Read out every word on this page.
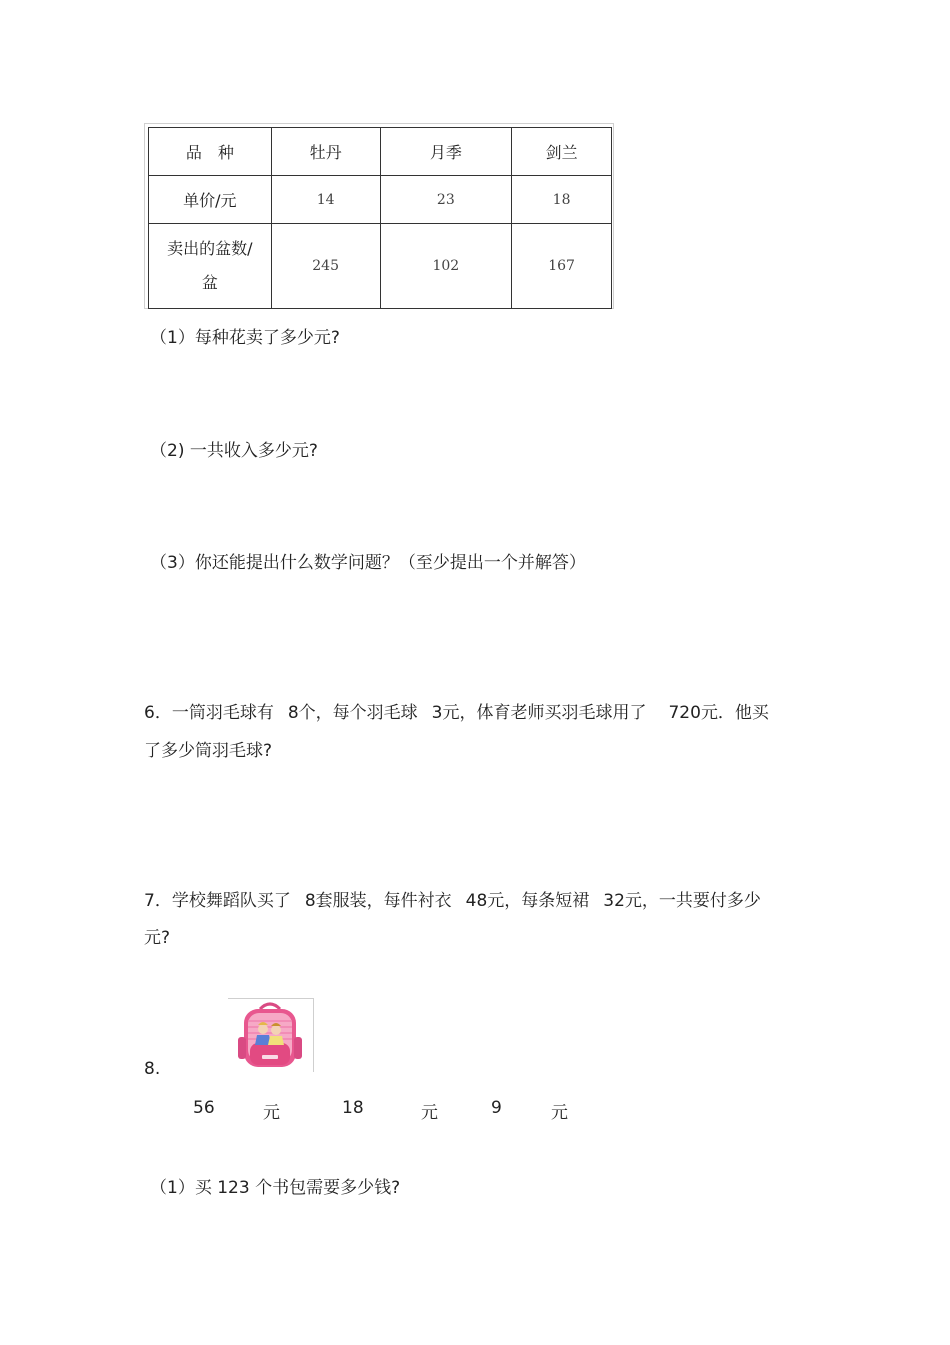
品　种	牡丹	月季	剑兰
单价/元	14	23	18

卖出的盆数/
盆	245	102	167
（1）每种花卖了多少元?
（2) 一共收入多少元?
（3）你还能提出什么数学问题？（至少提出一个并解答）
6．一筒羽毛球有 8个，每个羽毛球 3元，体育老师买羽毛球用了 720元．他买
了多少筒羽毛球?
7．学校舞蹈队买了 8套服装，每件衬衣 48元，每条短裙 32元，一共要付多少
元?
8.
56	元	18	元	9	元
（1）买 123 个书包需要多少钱?
